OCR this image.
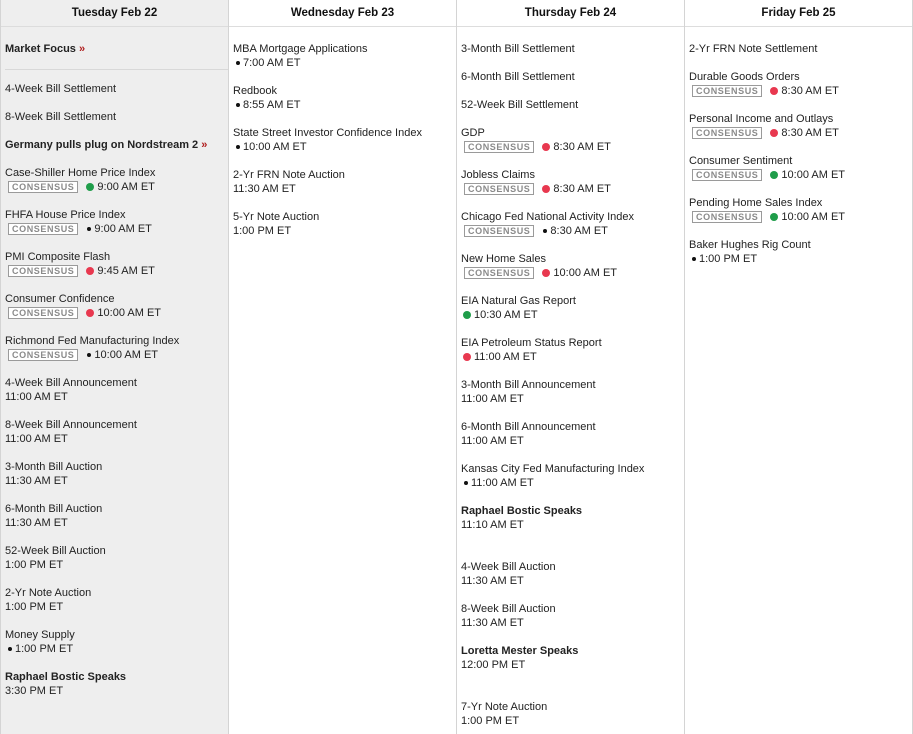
Tuesday Feb 22
Market Focus »
4-Week Bill Settlement
8-Week Bill Settlement
Germany pulls plug on Nordstream 2 »
Case-Shiller Home Price Index
CONSENSUS	9:00 AM ET
FHFA House Price Index
CONSENSUS	9:00 AM ET
PMI Composite Flash
CONSENSUS	9:45 AM ET
Consumer Confidence
CONSENSUS	10:00 AM ET
Richmond Fed Manufacturing Index
CONSENSUS	10:00 AM ET
4-Week Bill Announcement
11:00 AM ET
8-Week Bill Announcement
11:00 AM ET
3-Month Bill Auction
11:30 AM ET
6-Month Bill Auction
11:30 AM ET
52-Week Bill Auction
1:00 PM ET
2-Yr Note Auction
1:00 PM ET
Money Supply
1:00 PM ET
Raphael Bostic Speaks
3:30 PM ET
Wednesday Feb 23
MBA Mortgage Applications
7:00 AM ET
Redbook
8:55 AM ET
State Street Investor Confidence Index
10:00 AM ET
2-Yr FRN Note Auction
11:30 AM ET
5-Yr Note Auction
1:00 PM ET
Thursday Feb 24
3-Month Bill Settlement
6-Month Bill Settlement
52-Week Bill Settlement
GDP
CONSENSUS	8:30 AM ET
Jobless Claims
CONSENSUS	8:30 AM ET
Chicago Fed National Activity Index
CONSENSUS	8:30 AM ET
New Home Sales
CONSENSUS	10:00 AM ET
EIA Natural Gas Report
10:30 AM ET
EIA Petroleum Status Report
11:00 AM ET
3-Month Bill Announcement
11:00 AM ET
6-Month Bill Announcement
11:00 AM ET
Kansas City Fed Manufacturing Index
11:00 AM ET
Raphael Bostic Speaks
11:10 AM ET
4-Week Bill Auction
11:30 AM ET
8-Week Bill Auction
11:30 AM ET
Loretta Mester Speaks
12:00 PM ET
7-Yr Note Auction
1:00 PM ET
Friday Feb 25
2-Yr FRN Note Settlement
Durable Goods Orders
CONSENSUS	8:30 AM ET
Personal Income and Outlays
CONSENSUS	8:30 AM ET
Consumer Sentiment
CONSENSUS	10:00 AM ET
Pending Home Sales Index
CONSENSUS	10:00 AM ET
Baker Hughes Rig Count
1:00 PM ET
